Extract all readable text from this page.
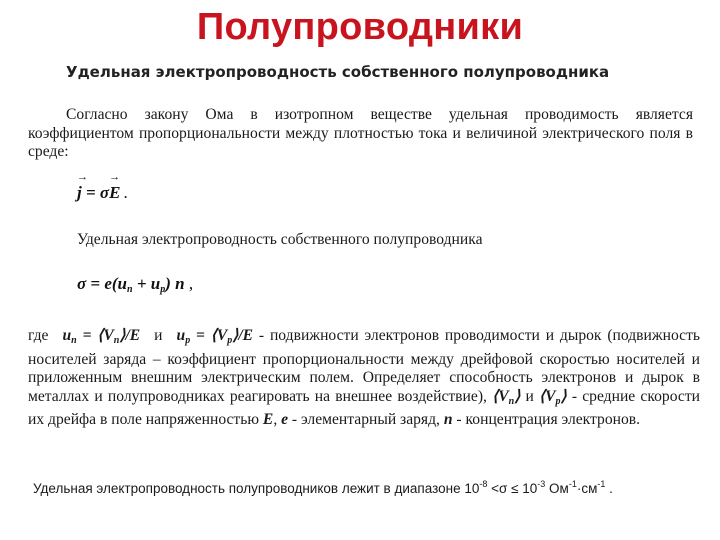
Полупроводники
Удельная электропроводность собственного полупроводника
Согласно закону Ома в изотропном веществе удельная проводимость является коэффициентом пропорциональности между плотностью тока и величиной электрического поля в среде:
→ j = σ→ E .
Удельная электропроводность собственного полупроводника
$\sigma = e(u_n + u_p)$ n ,
где $u_n$ = $⟨V_n⟩/E$ и $u_p$ = $⟨V_p⟩/E$ - подвижности электронов проводимости и дырок (подвижность носителей заряда – коэффициент пропорциональности между дрейфовой скоростью носителей и приложенным внешним электрическим полем. Определяет способность электронов и дырок в металлах и полупроводниках реагировать на внешнее воздействие), $⟨V_n⟩$ и $⟨V_p⟩$ - средние скорости их дрейфа в поле напряженностью E, e - элементарный заряд, n - концентрация электронов.
Удельная электропроводность полупроводников лежит в диапазоне $10^{-8} <\sigma \le 10^{-3}$ $Ом^{-1}\cdot см^{-1}$ .
